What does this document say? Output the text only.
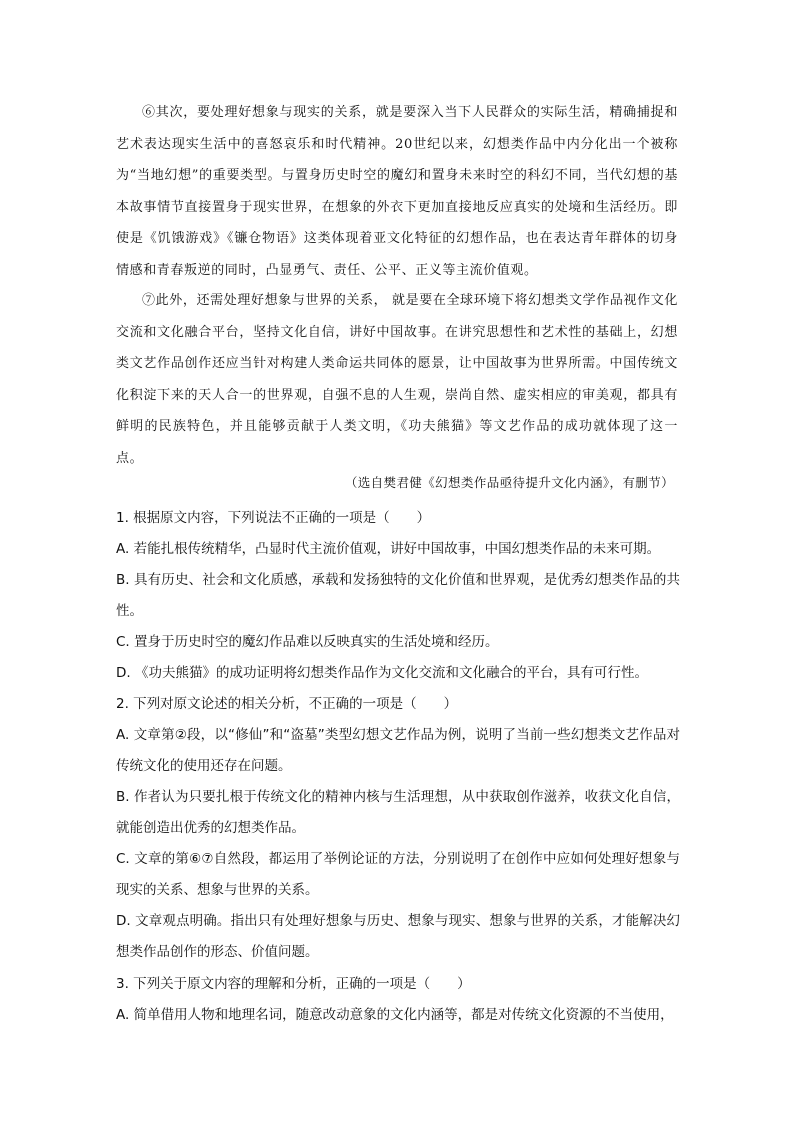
⑥其次，要处理好想象与现实的关系，就是要深入当下人民群众的实际生活，精确捕捉和艺术表达现实生活中的喜怒哀乐和时代精神。20世纪以来，幻想类作品中内分化出一个被称为“当地幻想”的重要类型。与置身历史时空的魔幻和置身未来时空的科幻不同，当代幻想的基本故事情节直接置身于现实世界，在想象的外衣下更加直接地反应真实的处境和生活经历。即使是《饥饿游戏》《镰仓物语》这类体现着亚文化特征的幻想作品，也在表达青年群体的切身情感和青春叛逆的同时，凸显勇气、责任、公平、正义等主流价值观。

⑦此外，还需处理好想象与世界的关系， 就是要在全球环境下将幻想类文学作品视作文化交流和文化融合平台，坚持文化自信，讲好中国故事。在讲究思想性和艺术性的基础上，幻想类文艺作品创作还应当针对构建人类命运共同体的愿景，让中国故事为世界所需。中国传统文化积淀下来的天人合一的世界观，自强不息的人生观，崇尚自然、虚实相应的审美观，都具有鲜明的民族特色，并且能够贡献于人类文明，《功夫熊猫》等文艺作品的成功就体现了这一点。

（选自樊君健《幻想类作品亟待提升文化内涵》，有删节）

1. 根据原文内容，下列说法不正确的一项是（　　）

A. 若能扎根传统精华，凸显时代主流价值观，讲好中国故事，中国幻想类作品的未来可期。

B. 具有历史、社会和文化质感，承载和发扬独特的文化价值和世界观，是优秀幻想类作品的共性。

C. 置身于历史时空的魔幻作品难以反映真实的生活处境和经历。

D. 《功夫熊猫》的成功证明将幻想类作品作为文化交流和文化融合的平台，具有可行性。

2. 下列对原文论述的相关分析，不正确的一项是（　　）

A. 文章第②段，以“修仙”和“盗墓”类型幻想文艺作品为例，说明了当前一些幻想类文艺作品对传统文化的使用还存在问题。

B. 作者认为只要扎根于传统文化的精神内核与生活理想，从中获取创作滋养，收获文化自信，就能创造出优秀的幻想类作品。

C. 文章的第⑥⑦自然段，都运用了举例论证的方法，分别说明了在创作中应如何处理好想象与现实的关系、想象与世界的关系。

D. 文章观点明确。指出只有处理好想象与历史、想象与现实、想象与世界的关系，才能解决幻想类作品创作的形态、价值问题。

3. 下列关于原文内容的理解和分析，正确的一项是（　　）

A. 简单借用人物和地理名词，随意改动意象的文化内涵等，都是对传统文化资源的不当使用，
